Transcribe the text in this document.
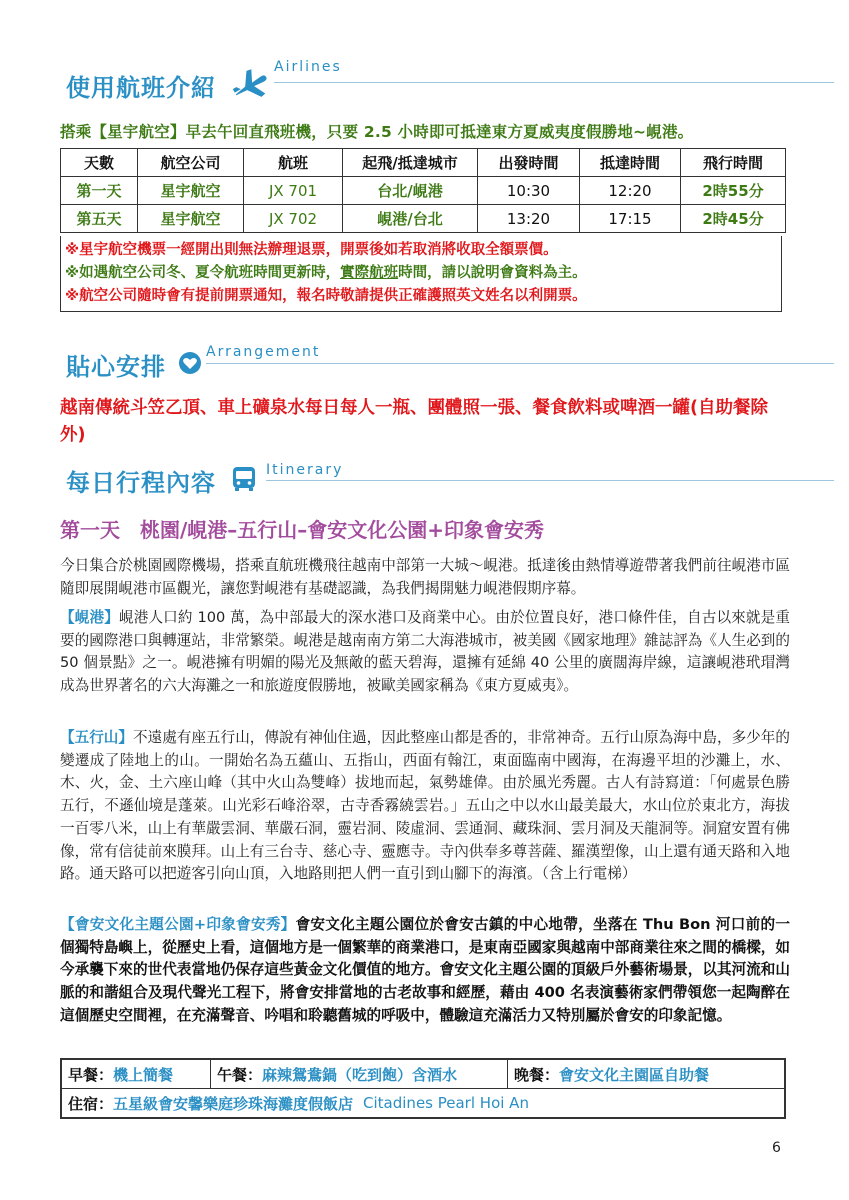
使用航班介紹
Airlines
搭乘【星宇航空】早去午回直飛班機，只要 2.5 小時即可抵達東方夏威夷度假勝地~峴港。
天數	航空公司	航班	起飛/抵達城市	出發時間	抵達時間	飛行時間
第一天	星宇航空	JX 701	台北/峴港	10:30	12:20	2時55分
第五天	星宇航空	JX 702	峴港/台北	13:20	17:15	2時45分
※星宇航空機票一經開出則無法辦理退票，開票後如若取消將收取全額票價。
※如遇航空公司冬、夏令航班時間更新時，實際航班時間，請以說明會資料為主。
※航空公司隨時會有提前開票通知，報名時敬請提供正確護照英文姓名以利開票。
貼心安排
Arrangement
越南傳統斗笠乙頂、車上礦泉水每日每人一瓶、團體照一張、餐食飲料或啤酒一罐(自助餐除外)
每日行程內容	Itinerary
第一天　桃園/峴港–五行山–會安文化公園+印象會安秀
今日集合於桃園國際機場，搭乘直航班機飛往越南中部第一大城～峴港。抵達後由熱情導遊帶著我們前往峴港市區隨即展開峴港市區觀光，讓您對峴港有基礎認識，為我們揭開魅力峴港假期序幕。
【峴港】峴港人口約 100 萬，為中部最大的深水港口及商業中心。由於位置良好，港口條件佳，自古以來就是重要的國際港口與轉運站，非常繁榮。峴港是越南南方第二大海港城市，被美國《國家地理》雜誌評為《人生必到的 50 個景點》之一。峴港擁有明媚的陽光及無敵的藍天碧海，還擁有延綿 40 公里的廣闊海岸線，這讓峴港玳瑁灣成為世界著名的六大海灘之一和旅遊度假勝地，被歐美國家稱為《東方夏威夷》。
【五行山】不遠處有座五行山，傳說有神仙住過，因此整座山都是香的，非常神奇。五行山原為海中島，多少年的變遷成了陸地上的山。一開始名為五蘊山、五指山，西面有翰江，東面臨南中國海，在海邊平坦的沙灘上，水、木、火，金、土六座山峰（其中火山為雙峰）拔地而起，氣勢雄偉。由於風光秀麗。古人有詩寫道：「何處景色勝五行，不遜仙境是蓬萊。山光彩石峰浴翠，古寺香霧繞雲岩。」五山之中以水山最美最大，水山位於東北方，海拔一百零八米，山上有華嚴雲洞、華嚴石洞，靈岩洞、陵虛洞、雲通洞、藏珠洞、雲月洞及天龍洞等。洞窟安置有佛像，常有信徒前來膜拜。山上有三台寺、慈心寺、靈應寺。寺內供奉多尊菩薩、羅漢塑像，山上還有通天路和入地路。通天路可以把遊客引向山頂，入地路則把人們一直引到山腳下的海濱。（含上行電梯）
【會安文化主題公園+印象會安秀】會安文化主題公園位於會安古鎮的中心地帶，坐落在 Thu Bon 河口前的一個獨特島嶼上，從歷史上看，這個地方是一個繁華的商業港口，是東南亞國家與越南中部商業往來之間的橋樑，如今承襲下來的世代表當地仍保存這些黃金文化價值的地方。會安文化主題公園的頂級戶外藝術場景，以其河流和山脈的和諧組合及現代聲光工程下，將會安排當地的古老故事和經歷，藉由 400 名表演藝術家們帶領您一起陶醉在這個歷史空間裡，在充滿聲音、吟唱和聆聽舊城的呼吸中，體驗這充滿活力又特別屬於會安的印象記憶。
早餐： 機上簡餐	午餐： 麻辣鴛鴦鍋（吃到飽）含酒水	晚餐： 會安文化主園區自助餐
住宿： 五星級會安馨樂庭珍珠海灘度假飯店 Citadines Pearl Hoi An
6
